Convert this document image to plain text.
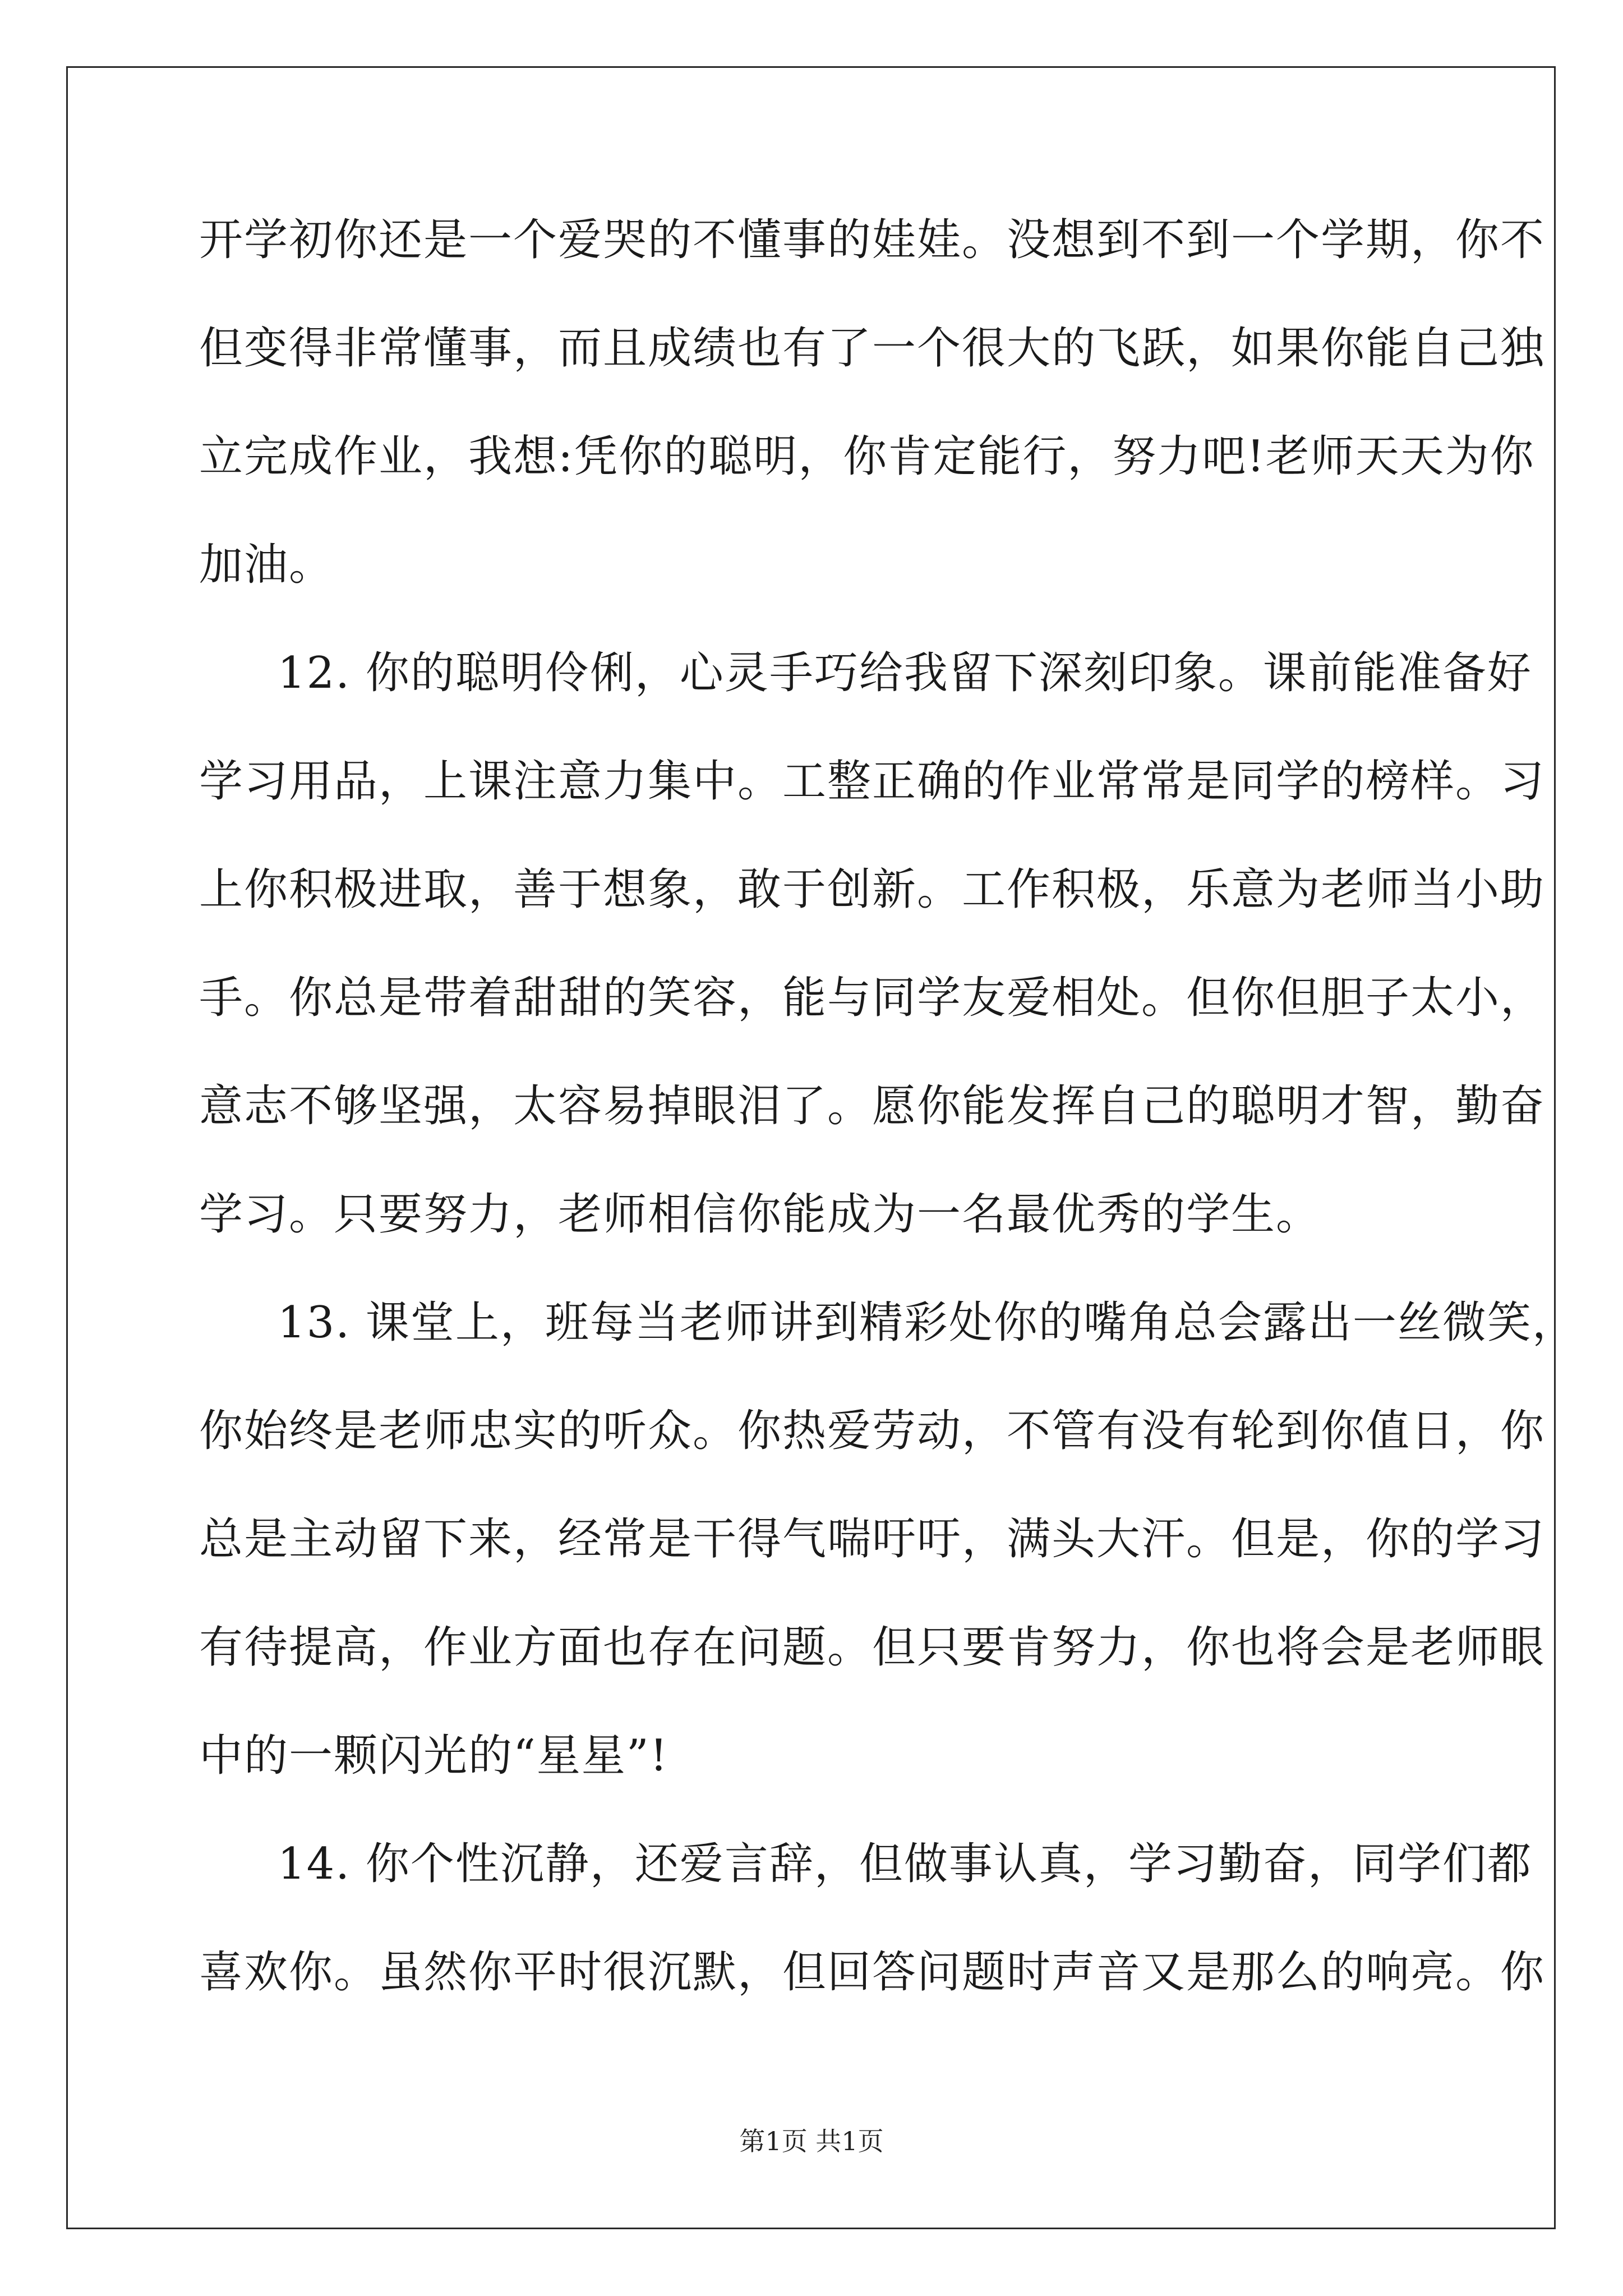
开学初你还是一个爱哭的不懂事的娃娃。没想到不到一个学期，你不
但变得非常懂事，而且成绩也有了一个很大的飞跃，如果你能自己独
立完成作业，我想:凭你的聪明，你肯定能行，努力吧!老师天天为你
加油。
12. 你的聪明伶俐，心灵手巧给我留下深刻印象。课前能准备好
学习用品，上课注意力集中。工整正确的作业常常是同学的榜样。习
上你积极进取，善于想象，敢于创新。工作积极，乐意为老师当小助
手。你总是带着甜甜的笑容，能与同学友爱相处。但你但胆子太小，
意志不够坚强，太容易掉眼泪了。愿你能发挥自己的聪明才智，勤奋
学习。只要努力，老师相信你能成为一名最优秀的学生。
13. 课堂上，班每当老师讲到精彩处你的嘴角总会露出一丝微笑，
你始终是老师忠实的听众。你热爱劳动，不管有没有轮到你值日，你
总是主动留下来，经常是干得气喘吁吁，满头大汗。但是，你的学习
有待提高，作业方面也存在问题。但只要肯努力，你也将会是老师眼
中的一颗闪光的“星星”!
14. 你个性沉静，还爱言辞，但做事认真，学习勤奋，同学们都
喜欢你。虽然你平时很沉默，但回答问题时声音又是那么的响亮。你
第1页 共1页
